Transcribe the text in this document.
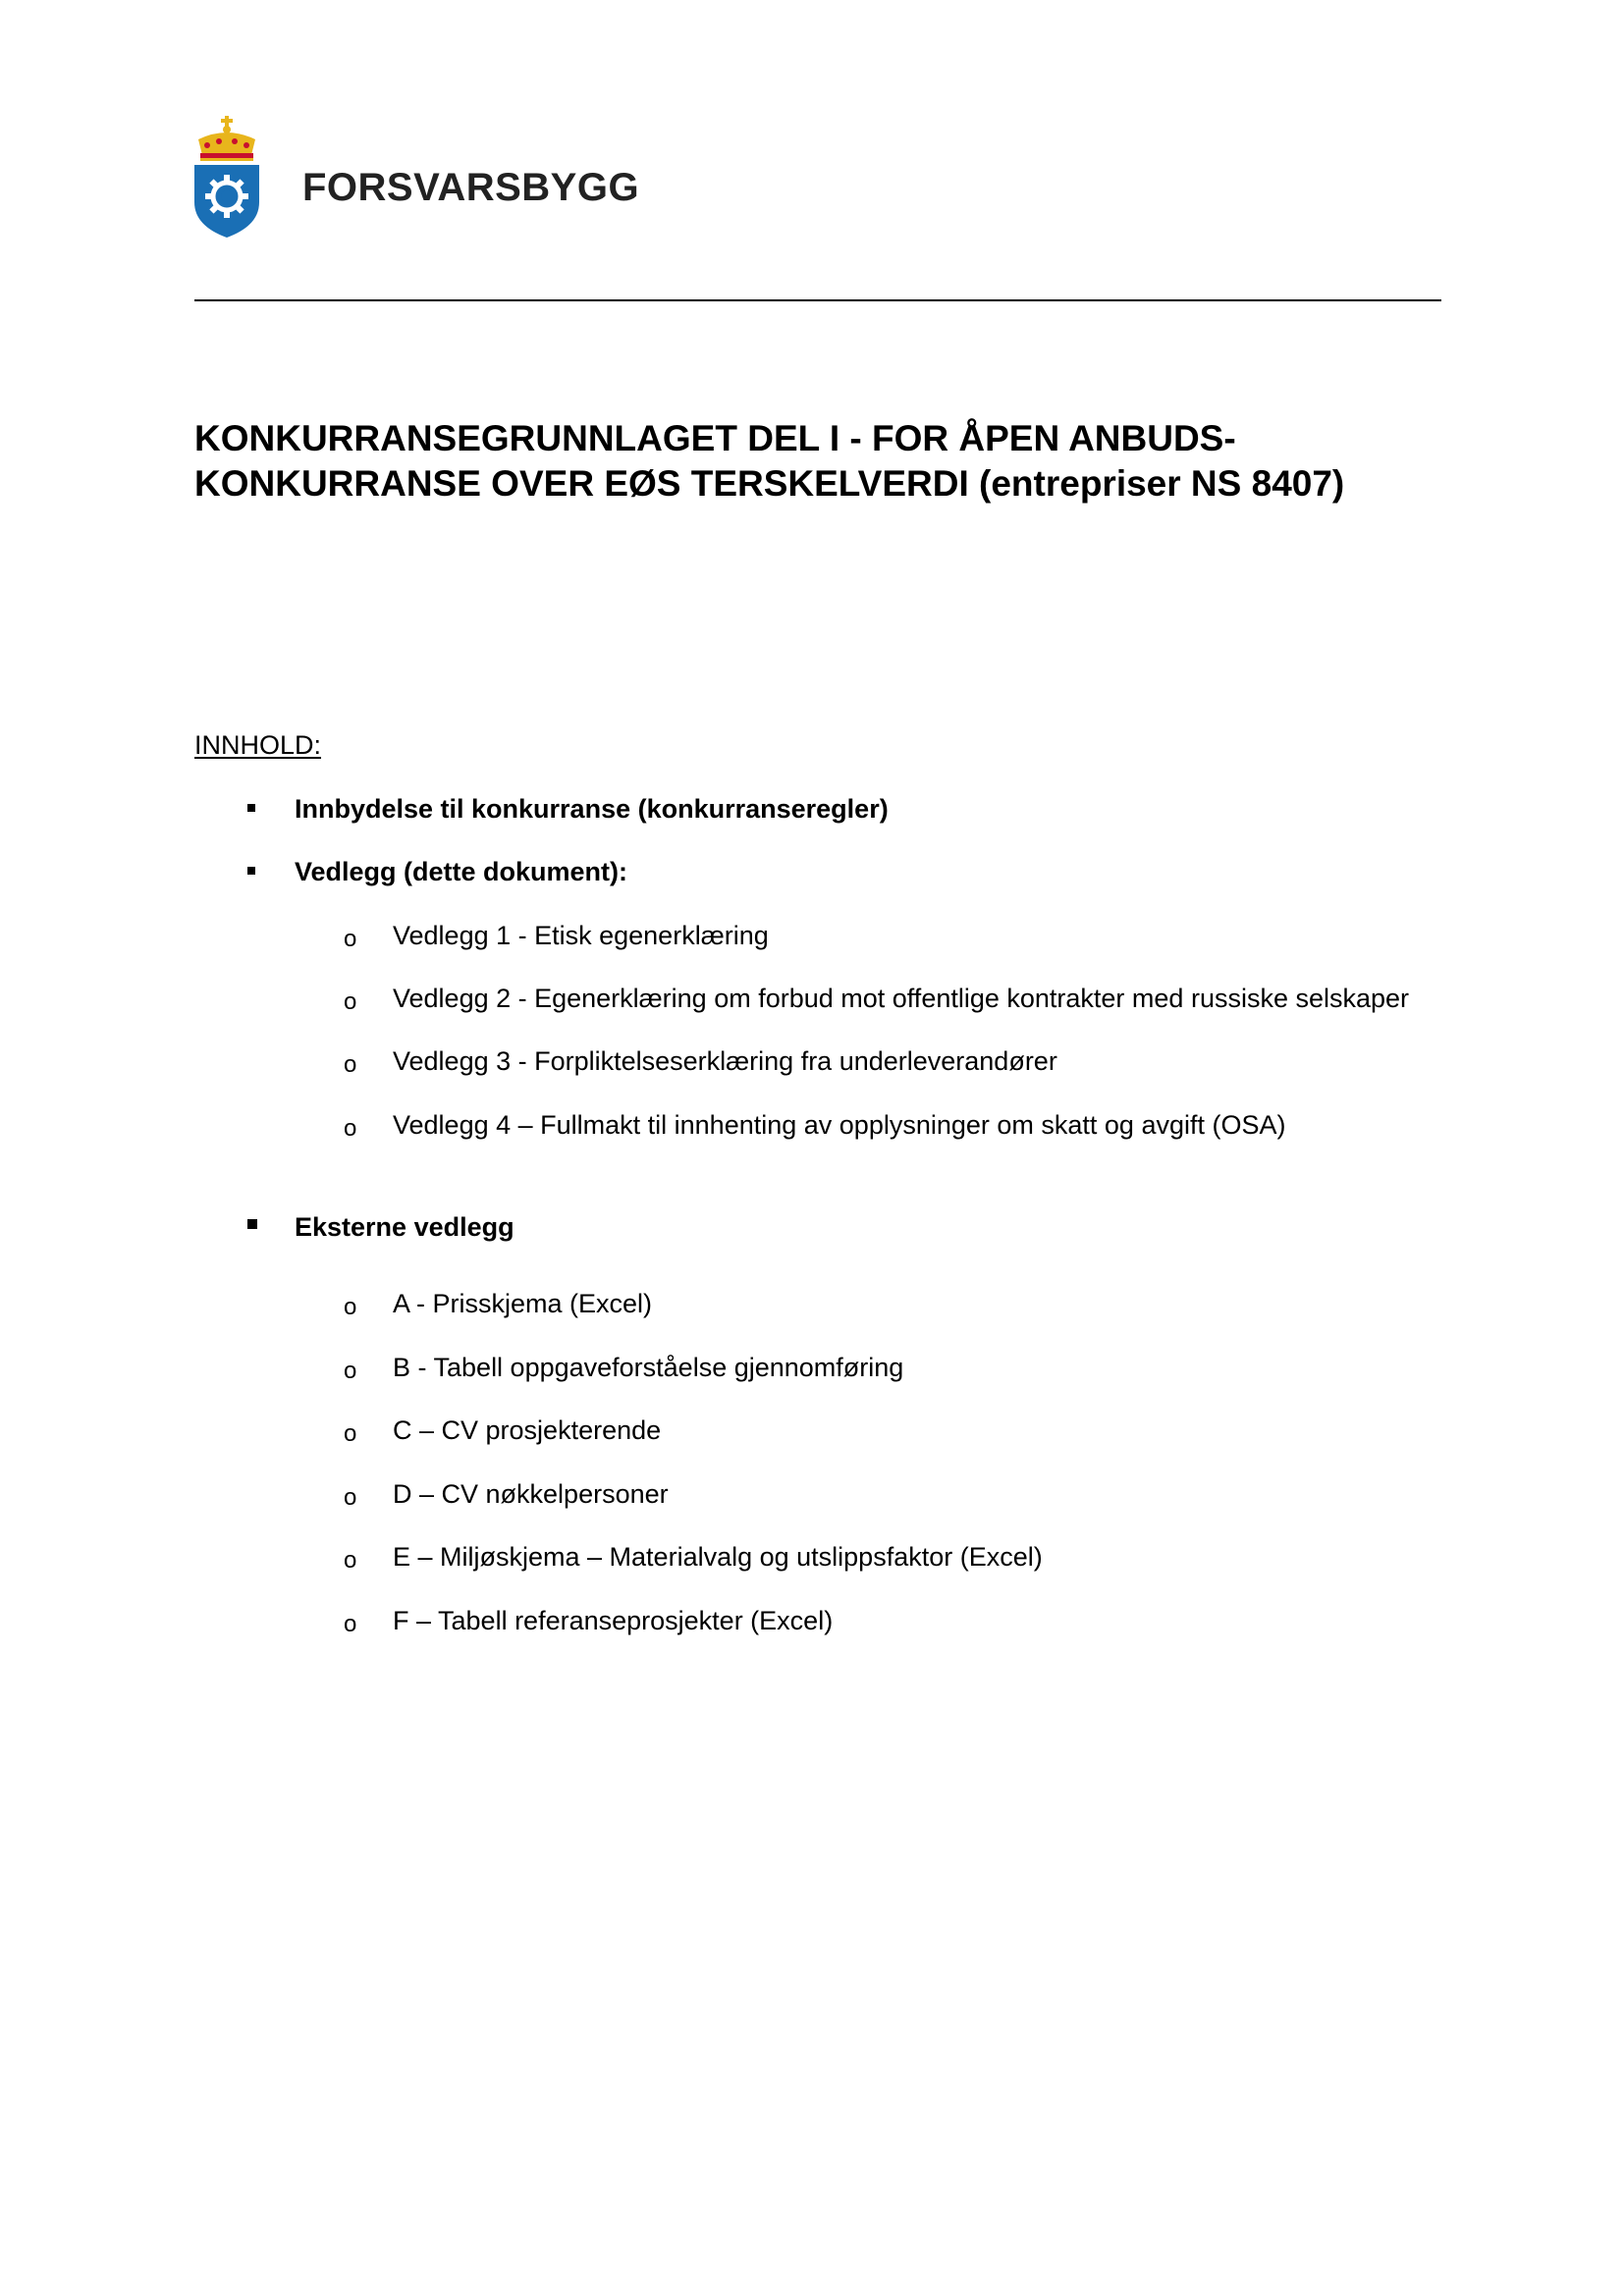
FORSVARSBYGG
KONKURRANSEGRUNNLAGET DEL I - FOR ÅPEN ANBUDS-
KONKURRANSE OVER EØS TERSKELVERDI (entrepriser NS 8407)
INNHOLD:
Innbydelse til konkurranse (konkurranseregler)
Vedlegg (dette dokument):
o Vedlegg 1 - Etisk egenerklæring
o Vedlegg 2 - Egenerklæring om forbud mot offentlige kontrakter med russiske selskaper
o Vedlegg 3 - Forpliktelseserklæring fra underleverandører
o Vedlegg 4 – Fullmakt til innhenting av opplysninger om skatt og avgift (OSA)
Eksterne vedlegg
o A - Prisskjema (Excel)
o B - Tabell oppgaveforståelse gjennomføring
o C – CV prosjekterende
o D – CV nøkkelpersoner
o E – Miljøskjema – Materialvalg og utslippsfaktor (Excel)
o F – Tabell referanseprosjekter (Excel)
